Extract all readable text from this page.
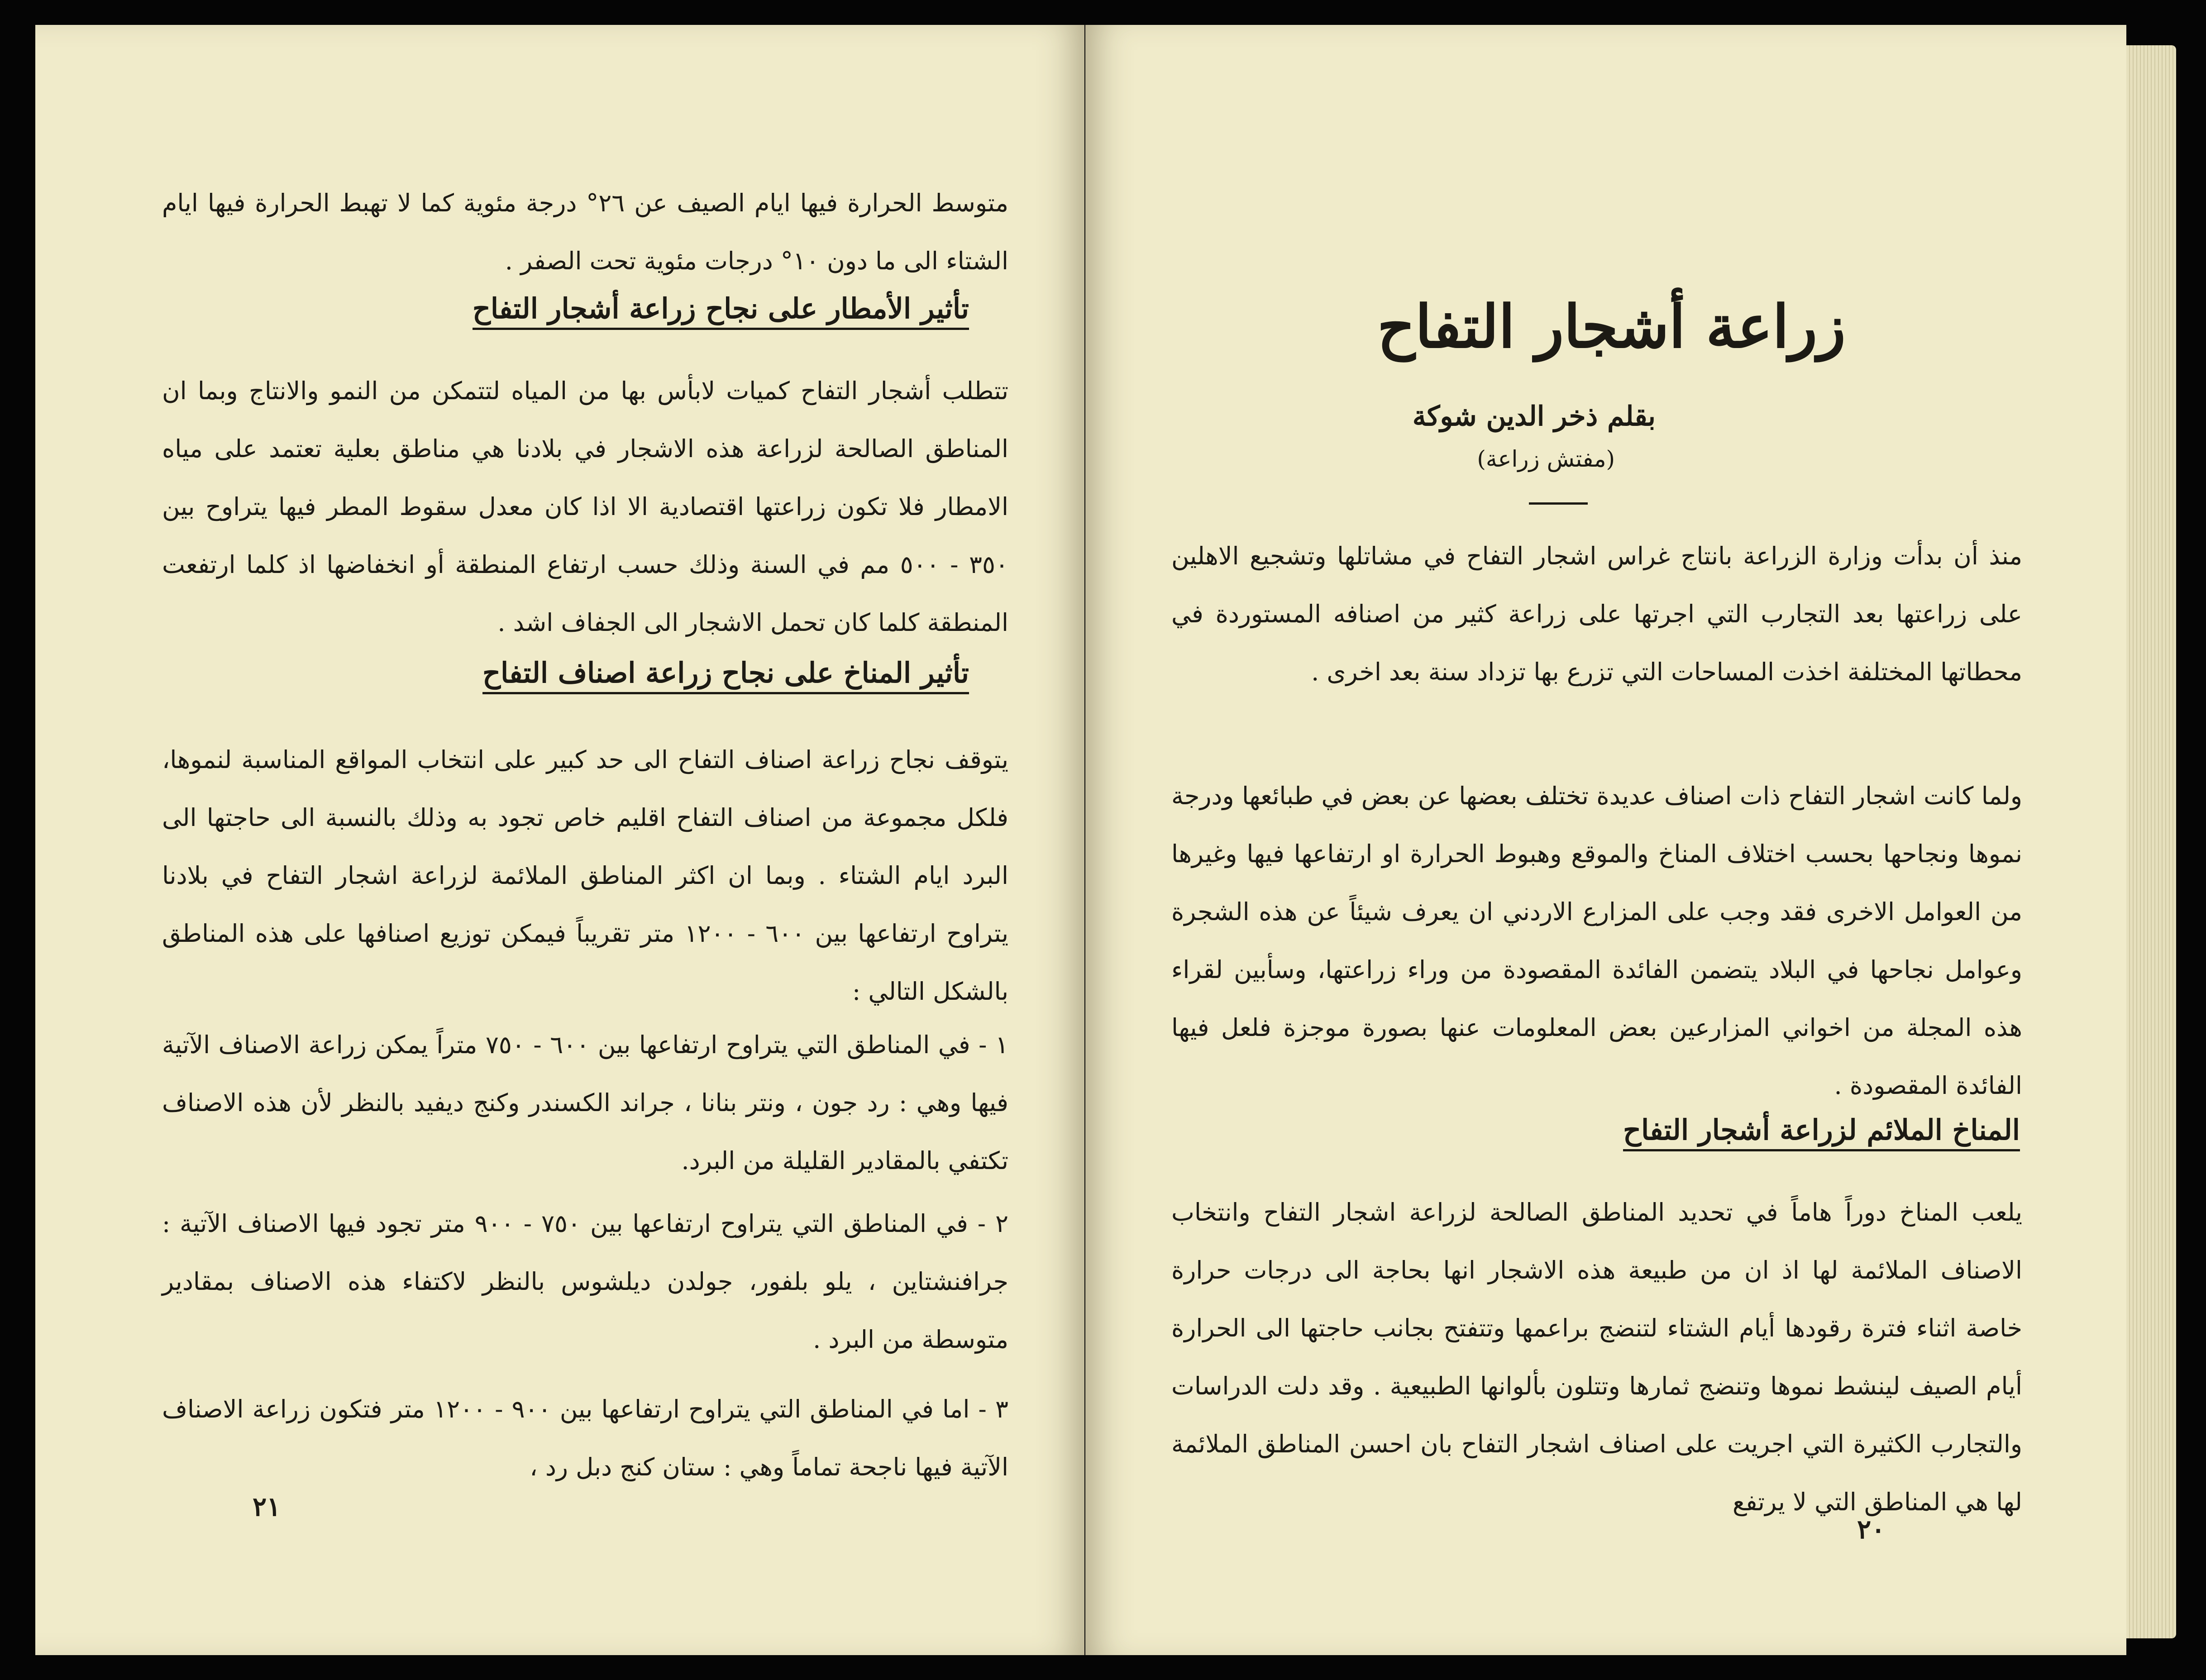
متوسط الحرارة فيها ايام الصيف عن ٢٦° درجة مئوية كما لا تهبط الحرارة فيها ايام الشتاء الى ما دون ١٠° درجات مئوية تحت الصفر .
تأثير الأمطار على نجاح زراعة أشجار التفاح
تتطلب أشجار التفاح كميات لابأس بها من المياه لتتمكن من النمو والانتاج وبما ان المناطق الصالحة لزراعة هذه الاشجار في بلادنا هي مناطق بعلية تعتمد على مياه الامطار فلا تكون زراعتها اقتصادية الا اذا كان معدل سقوط المطر فيها يتراوح بين ٣٥٠ - ٥٠٠ مم في السنة وذلك حسب ارتفاع المنطقة أو انخفاضها اذ كلما ارتفعت المنطقة كلما كان تحمل الاشجار الى الجفاف اشد .
تأثير المناخ على نجاح زراعة اصناف التفاح
يتوقف نجاح زراعة اصناف التفاح الى حد كبير على انتخاب المواقع المناسبة لنموها، فلكل مجموعة من اصناف التفاح اقليم خاص تجود به وذلك بالنسبة الى حاجتها الى البرد ايام الشتاء . وبما ان اكثر المناطق الملائمة لزراعة اشجار التفاح في بلادنا يتراوح ارتفاعها بين ٦٠٠ - ١٢٠٠ متر تقريباً فيمكن توزيع اصنافها على هذه المناطق بالشكل التالي :
١ - في المناطق التي يتراوح ارتفاعها بين ٦٠٠ - ٧٥٠ متراً يمكن زراعة الاصناف الآتية فيها وهي : رد جون ، ونتر بنانا ، جراند الكسندر وكنج ديفيد بالنظر لأن هذه الاصناف تكتفي بالمقادير القليلة من البرد.
٢ - في المناطق التي يتراوح ارتفاعها بين ٧٥٠ - ٩٠٠ متر تجود فيها الاصناف الآتية : جرافنشتاين ، يلو بلفور، جولدن ديلشوس بالنظر لاكتفاء هذه الاصناف بمقادير متوسطة من البرد .
٣ - اما في المناطق التي يتراوح ارتفاعها بين ٩٠٠ - ١٢٠٠ متر فتكون زراعة الاصناف الآتية فيها ناجحة تماماً وهي : ستان كنج دبل رد ،
٢١
زراعة أشجار التفاح
بقلم ذخر الدين شوكة
(مفتش زراعة)
منذ أن بدأت وزارة الزراعة بانتاج غراس اشجار التفاح في مشاتلها وتشجيع الاهلين على زراعتها بعد التجارب التي اجرتها على زراعة كثير من اصنافه المستوردة في محطاتها المختلفة اخذت المساحات التي تزرع بها تزداد سنة بعد اخرى .
ولما كانت اشجار التفاح ذات اصناف عديدة تختلف بعضها عن بعض في طبائعها ودرجة نموها ونجاحها بحسب اختلاف المناخ والموقع وهبوط الحرارة او ارتفاعها فيها وغيرها من العوامل الاخرى فقد وجب على المزارع الاردني ان يعرف شيئاً عن هذه الشجرة وعوامل نجاحها في البلاد يتضمن الفائدة المقصودة من وراء زراعتها، وسأبين لقراء هذه المجلة من اخواني المزارعين بعض المعلومات عنها بصورة موجزة فلعل فيها الفائدة المقصودة .
المناخ الملائم لزراعة أشجار التفاح
يلعب المناخ دوراً هاماً في تحديد المناطق الصالحة لزراعة اشجار التفاح وانتخاب الاصناف الملائمة لها اذ ان من طبيعة هذه الاشجار انها بحاجة الى درجات حرارة خاصة اثناء فترة رقودها أيام الشتاء لتنضج براعمها وتتفتح بجانب حاجتها الى الحرارة أيام الصيف لينشط نموها وتنضج ثمارها وتتلون بألوانها الطبيعية . وقد دلت الدراسات والتجارب الكثيرة التي اجريت على اصناف اشجار التفاح بان احسن المناطق الملائمة لها هي المناطق التي لا يرتفع
٢٠
